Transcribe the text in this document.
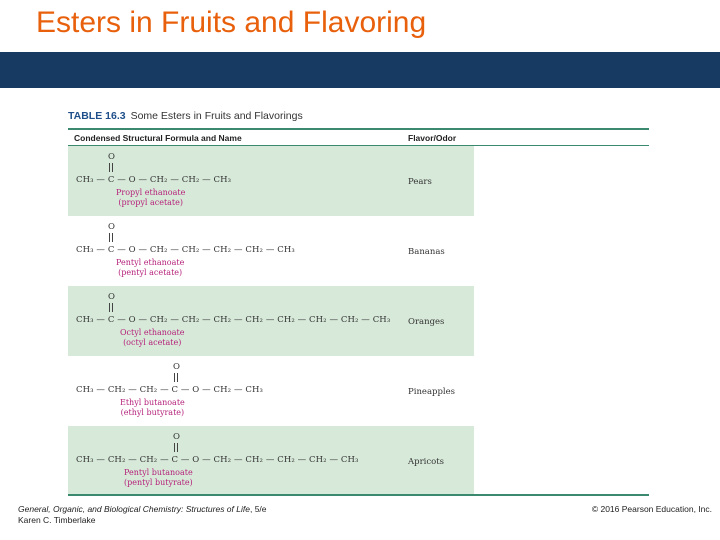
Esters in Fruits and Flavoring
TABLE 16.3 Some Esters in Fruits and Flavorings
Condensed Structural Formula and Name	Flavor/Odor
O
CH₃ — C — O — CH₂ — CH₂ — CH₃
Propyl ethanoate
(propyl acetate)
Pears
O
CH₃ — C — O — CH₂ — CH₂ — CH₂ — CH₂ — CH₃
Pentyl ethanoate
(pentyl acetate)
Bananas
O
CH₃ — C — O — CH₂ — CH₂ — CH₂ — CH₂ — CH₂ — CH₂ — CH₂ — CH₃
Octyl ethanoate
(octyl acetate)
Oranges
O
CH₃ — CH₂ — CH₂ — C — O — CH₂ — CH₃
Ethyl butanoate
(ethyl butyrate)
Pineapples
O
CH₃ — CH₂ — CH₂ — C — O — CH₂ — CH₂ — CH₂ — CH₂ — CH₃
Pentyl butanoate
(pentyl butyrate)
Apricots
General, Organic, and Biological Chemistry: Structures of Life, 5/e
Karen C. Timberlake
© 2016 Pearson Education, Inc.
